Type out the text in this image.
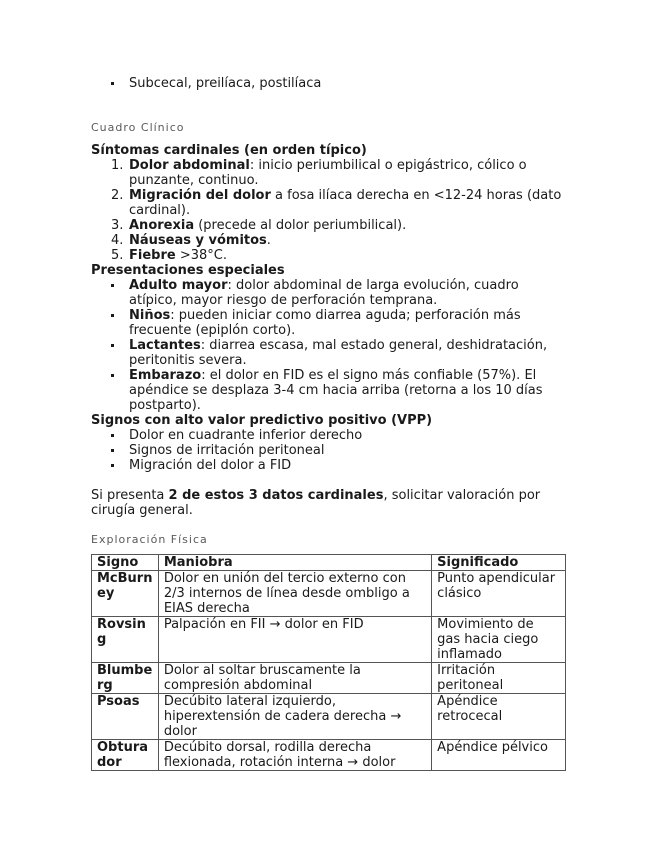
Subcecal, preilíaca, postilíaca
Cuadro Clínico
Síntomas cardinales (en orden típico)
1. Dolor abdominal: inicio periumbilical o epigástrico, cólico o punzante, continuo.
2. Migración del dolor a fosa ilíaca derecha en <12-24 horas (dato cardinal).
3. Anorexia (precede al dolor periumbilical).
4. Náuseas y vómitos.
5. Fiebre >38°C.
Presentaciones especiales
Adulto mayor: dolor abdominal de larga evolución, cuadro atípico, mayor riesgo de perforación temprana.
Niños: pueden iniciar como diarrea aguda; perforación más frecuente (epiplón corto).
Lactantes: diarrea escasa, mal estado general, deshidratación, peritonitis severa.
Embarazo: el dolor en FID es el signo más confiable (57%). El apéndice se desplaza 3-4 cm hacia arriba (retorna a los 10 días postparto).
Signos con alto valor predictivo positivo (VPP)
Dolor en cuadrante inferior derecho
Signos de irritación peritoneal
Migración del dolor a FID

Si presenta 2 de estos 3 datos cardinales, solicitar valoración por cirugía general.

Exploración Física
Signo	Maniobra	Significado
McBurney	Dolor en unión del tercio externo con 2/3 internos de línea desde ombligo a EIAS derecha	Punto apendicular clásico
Rovsing	Palpación en FII → dolor en FID	Movimiento de gas hacia ciego inflamado
Blumberg	Dolor al soltar bruscamente la compresión abdominal	Irritación peritoneal
Psoas	Decúbito lateral izquierdo, hiperextensión de cadera derecha → dolor	Apéndice retrocecal
Obturador	Decúbito dorsal, rodilla derecha flexionada, rotación interna → dolor	Apéndice pélvico
